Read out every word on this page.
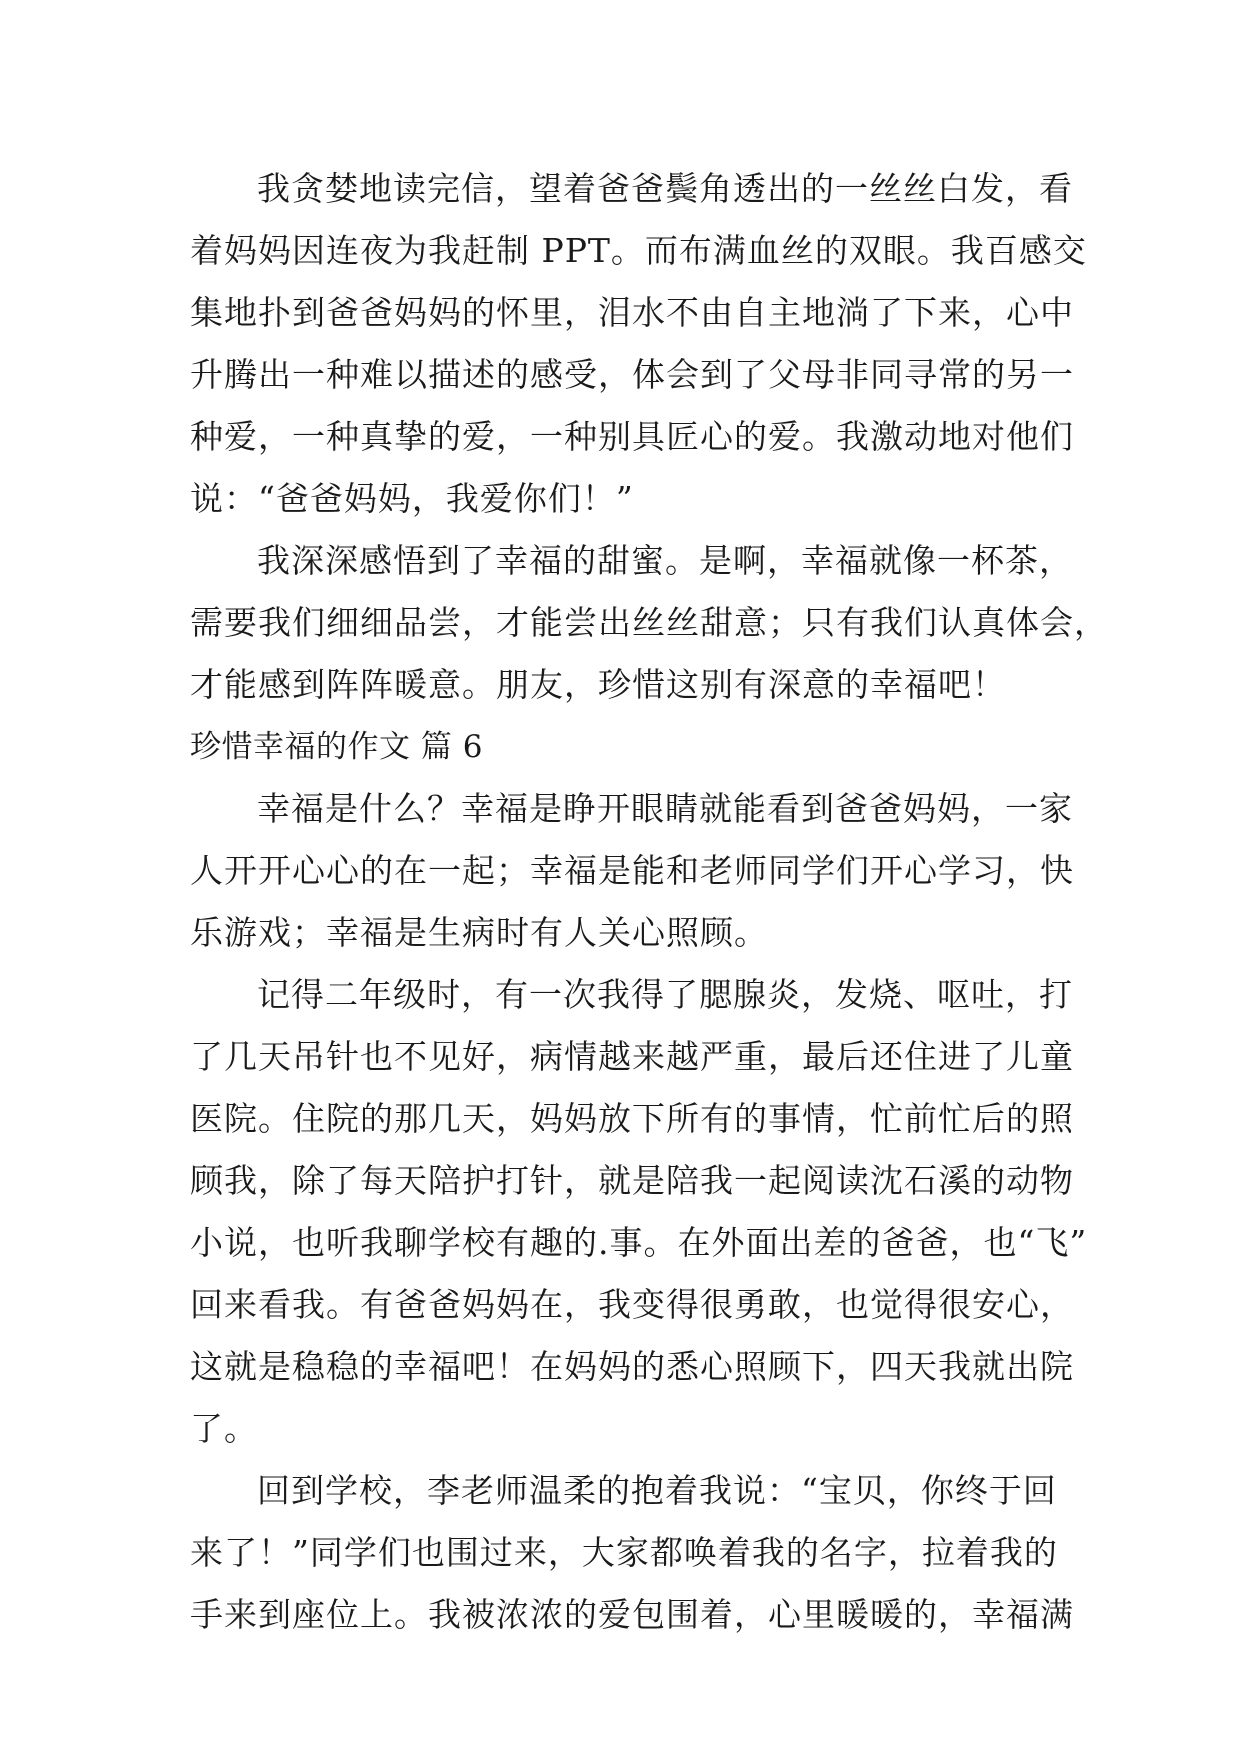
我贪婪地读完信，望着爸爸鬓角透出的一丝丝白发，看
着妈妈因连夜为我赶制 PPT。而布满血丝的双眼。我百感交
集地扑到爸爸妈妈的怀里，泪水不由自主地淌了下来，心中
升腾出一种难以描述的感受，体会到了父母非同寻常的另一
种爱，一种真挚的爱，一种别具匠心的爱。我激动地对他们
说：“爸爸妈妈，我爱你们！”
我深深感悟到了幸福的甜蜜。是啊，幸福就像一杯茶，
需要我们细细品尝，才能尝出丝丝甜意；只有我们认真体会，
才能感到阵阵暖意。朋友，珍惜这别有深意的幸福吧！
珍惜幸福的作文 篇 6
幸福是什么？幸福是睁开眼睛就能看到爸爸妈妈，一家
人开开心心的在一起；幸福是能和老师同学们开心学习，快
乐游戏；幸福是生病时有人关心照顾。
记得二年级时，有一次我得了腮腺炎，发烧、呕吐，打
了几天吊针也不见好，病情越来越严重，最后还住进了儿童
医院。住院的那几天，妈妈放下所有的事情，忙前忙后的照
顾我，除了每天陪护打针，就是陪我一起阅读沈石溪的动物
小说，也听我聊学校有趣的.事。在外面出差的爸爸，也“飞”
回来看我。有爸爸妈妈在，我变得很勇敢，也觉得很安心，
这就是稳稳的幸福吧！在妈妈的悉心照顾下，四天我就出院
了。
回到学校，李老师温柔的抱着我说：“宝贝，你终于回
来了！”同学们也围过来，大家都唤着我的名字，拉着我的
手来到座位上。我被浓浓的爱包围着，心里暖暖的，幸福满
